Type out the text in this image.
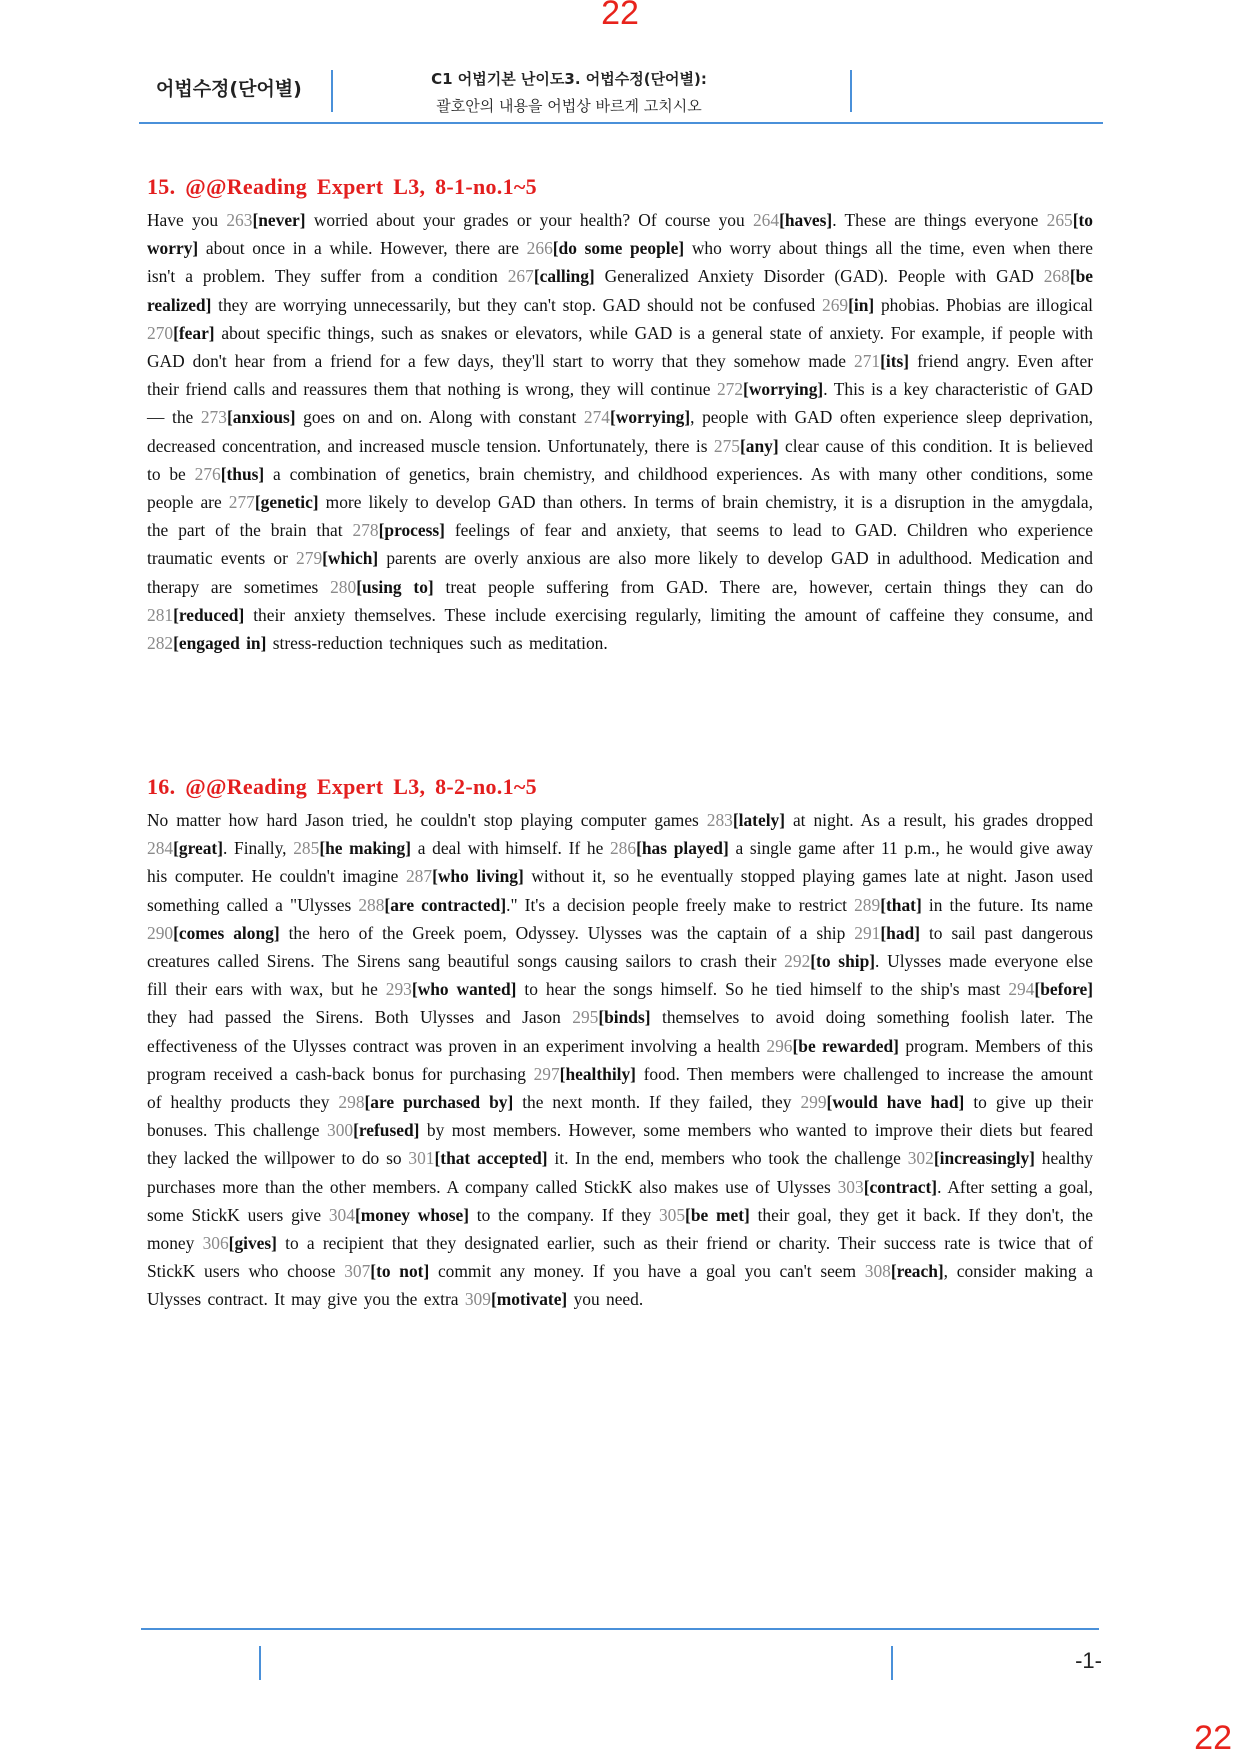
22
어법수정(단어별)	C1 어법기본 난이도3. 어법수정(단어별):
괄호안의 내용을 어법상 바르게 고치시오
15. @@Reading Expert L3, 8-1-no.1~5

Have you 263[never] worried about your grades or your health? Of course you 264[haves]. These are things everyone 265[to worry] about once in a while. However, there are 266[do some people] who worry about things all the time, even when there isn't a problem. They suffer from a condition 267[calling] Generalized Anxiety Disorder (GAD). People with GAD 268[be realized] they are worrying unnecessarily, but they can't stop. GAD should not be confused 269[in] phobias. Phobias are illogical 270[fear] about specific things, such as snakes or elevators, while GAD is a general state of anxiety. For example, if people with GAD don't hear from a friend for a few days, they'll start to worry that they somehow made 271[its] friend angry. Even after their friend calls and reassures them that nothing is wrong, they will continue 272[worrying]. This is a key characteristic of GAD — the 273[anxious] goes on and on. Along with constant 274[worrying], people with GAD often experience sleep deprivation, decreased concentration, and increased muscle tension. Unfortunately, there is 275[any] clear cause of this condition. It is believed to be 276[thus] a combination of genetics, brain chemistry, and childhood experiences. As with many other conditions, some people are 277[genetic] more likely to develop GAD than others. In terms of brain chemistry, it is a disruption in the amygdala, the part of the brain that 278[process] feelings of fear and anxiety, that seems to lead to GAD. Children who experience traumatic events or 279[which] parents are overly anxious are also more likely to develop GAD in adulthood. Medication and therapy are sometimes 280[using to] treat people suffering from GAD. There are, however, certain things they can do 281[reduced] their anxiety themselves. These include exercising regularly, limiting the amount of caffeine they consume, and 282[engaged in] stress-reduction techniques such as meditation.

16. @@Reading Expert L3, 8-2-no.1~5

No matter how hard Jason tried, he couldn't stop playing computer games 283[lately] at night. As a result, his grades dropped 284[great]. Finally, 285[he making] a deal with himself. If he 286[has played] a single game after 11 p.m., he would give away his computer. He couldn't imagine 287[who living] without it, so he eventually stopped playing games late at night. Jason used something called a "Ulysses 288[are contracted]." It's a decision people freely make to restrict 289[that] in the future. Its name 290[comes along] the hero of the Greek poem, Odyssey. Ulysses was the captain of a ship 291[had] to sail past dangerous creatures called Sirens. The Sirens sang beautiful songs causing sailors to crash their 292[to ship]. Ulysses made everyone else fill their ears with wax, but he 293[who wanted] to hear the songs himself. So he tied himself to the ship's mast 294[before] they had passed the Sirens. Both Ulysses and Jason 295[binds] themselves to avoid doing something foolish later. The effectiveness of the Ulysses contract was proven in an experiment involving a health 296[be rewarded] program. Members of this program received a cash-back bonus for purchasing 297[healthily] food. Then members were challenged to increase the amount of healthy products they 298[are purchased by] the next month. If they failed, they 299[would have had] to give up their bonuses. This challenge 300[refused] by most members. However, some members who wanted to improve their diets but feared they lacked the willpower to do so 301[that accepted] it. In the end, members who took the challenge 302[increasingly] healthy purchases more than the other members. A company called StickK also makes use of Ulysses 303[contract]. After setting a goal, some StickK users give 304[money whose] to the company. If they 305[be met] their goal, they get it back. If they don't, the money 306[gives] to a recipient that they designated earlier, such as their friend or charity. Their success rate is twice that of StickK users who choose 307[to not] commit any money. If you have a goal you can't seem 308[reach], consider making a Ulysses contract. It may give you the extra 309[motivate] you need.

-1-
22
